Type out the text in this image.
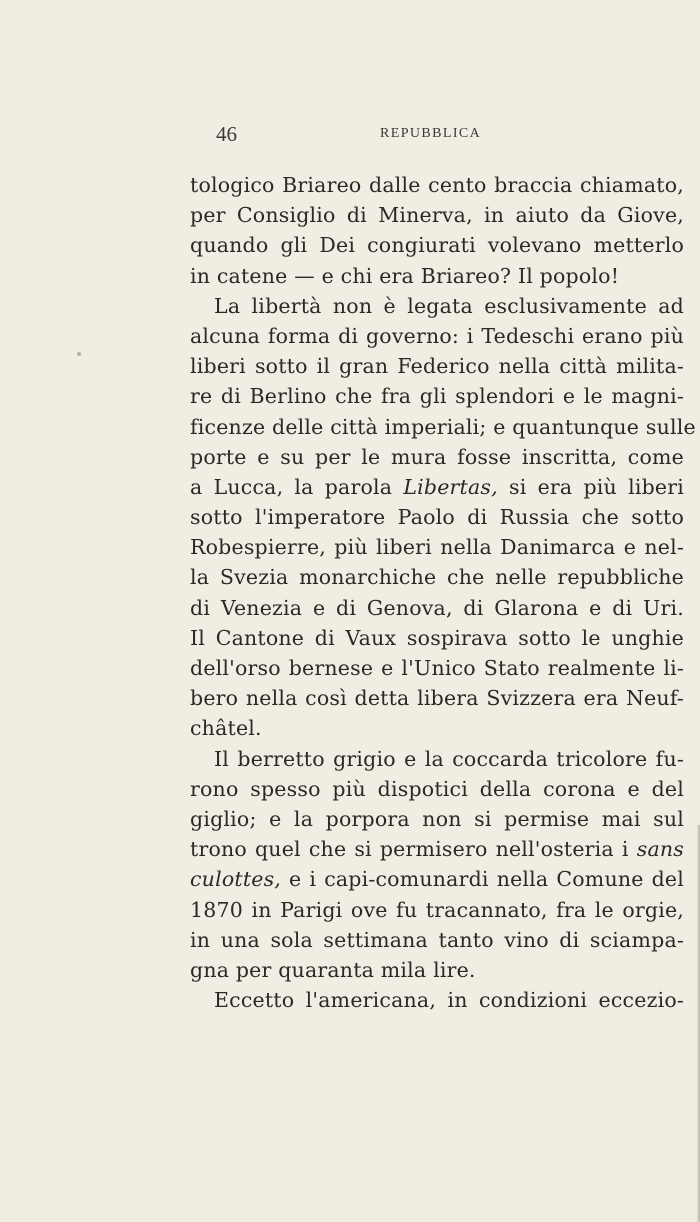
46	REPUBBLICA
tologico Briareo dalle cento braccia chiamato,
per Consiglio di Minerva, in aiuto da Giove,
quando gli Dei congiurati volevano metterlo
in catene — e chi era Briareo? Il popolo!
La libertà non è legata esclusivamente ad
alcuna forma di governo: i Tedeschi erano più
liberi sotto il gran Federico nella città milita-
re di Berlino che fra gli splendori e le magni-
ficenze delle città imperiali; e quantunque sulle
porte e su per le mura fosse inscritta, come
a Lucca, la parola Libertas, si era più liberi
sotto l'imperatore Paolo di Russia che sotto
Robespierre, più liberi nella Danimarca e nel-
la Svezia monarchiche che nelle repubbliche
di Venezia e di Genova, di Glarona e di Uri.
Il Cantone di Vaux sospirava sotto le unghie
dell'orso bernese e l'Unico Stato realmente li-
bero nella così detta libera Svizzera era Neuf-
châtel.
Il berretto grigio e la coccarda tricolore fu-
rono spesso più dispotici della corona e del
giglio; e la porpora non si permise mai sul
trono quel che si permisero nell'osteria i sans
culottes, e i capi-comunardi nella Comune del
1870 in Parigi ove fu tracannato, fra le orgie,
in una sola settimana tanto vino di sciampa-
gna per quaranta mila lire.
Eccetto l'americana, in condizioni eccezio-
